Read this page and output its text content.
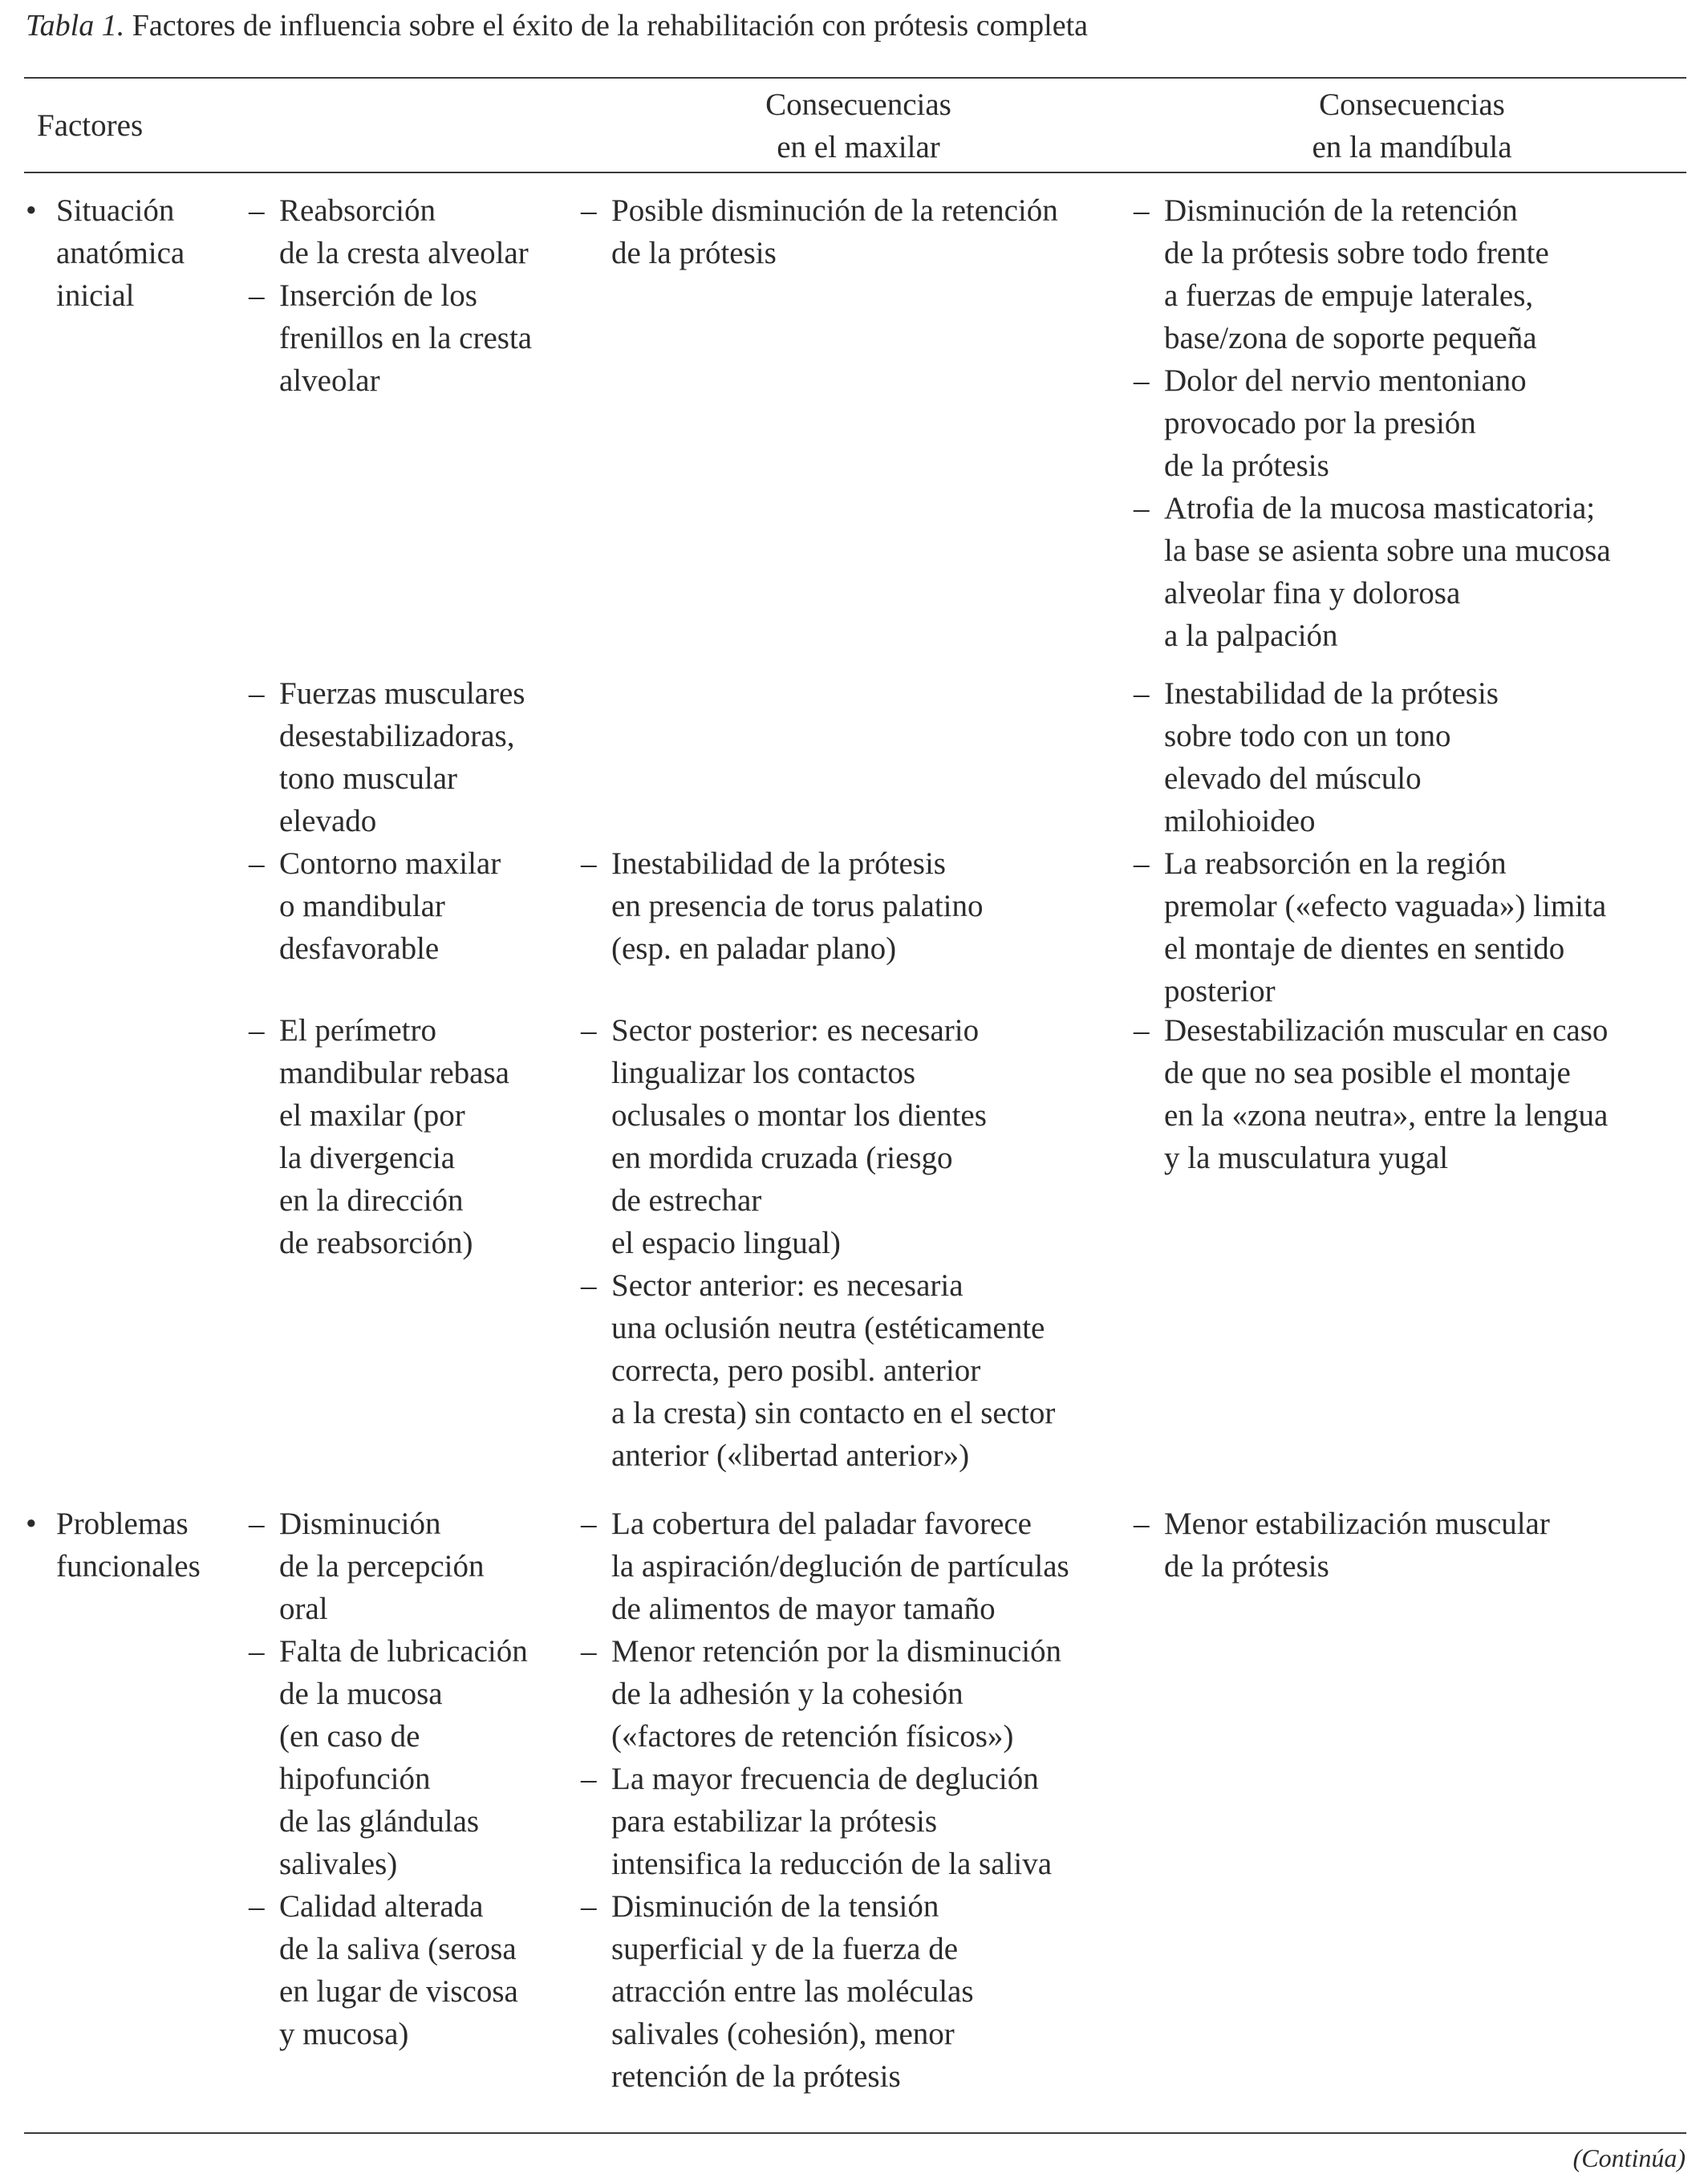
Tabla 1. Factores de influencia sobre el éxito de la rehabilitación con prótesis completa
Factores
Consecuencias
en el maxilar
Consecuencias
en la mandíbula
• Situación
anatómica
inicial
– Reabsorción
de la cresta alveolar
– Inserción de los
frenillos en la cresta
alveolar
– Posible disminución de la retención
de la prótesis
– Disminución de la retención
de la prótesis sobre todo frente
a fuerzas de empuje laterales,
base/zona de soporte pequeña
– Dolor del nervio mentoniano
provocado por la presión
de la prótesis
– Atrofia de la mucosa masticatoria;
la base se asienta sobre una mucosa
alveolar fina y dolorosa
a la palpación
– Fuerzas musculares
desestabilizadoras,
tono muscular
elevado
– Inestabilidad de la prótesis
sobre todo con un tono
elevado del músculo
milohioideo
– Contorno maxilar
o mandibular
desfavorable
– Inestabilidad de la prótesis
en presencia de torus palatino
(esp. en paladar plano)
– La reabsorción en la región
premolar («efecto vaguada») limita
el montaje de dientes en sentido
posterior
– El perímetro
mandibular rebasa
el maxilar (por
la divergencia
en la dirección
de reabsorción)
– Sector posterior: es necesario
lingualizar los contactos
oclusales o montar los dientes
en mordida cruzada (riesgo
de estrechar
el espacio lingual)
– Sector anterior: es necesaria
una oclusión neutra (estéticamente
correcta, pero posibl. anterior
a la cresta) sin contacto en el sector
anterior («libertad anterior»)
– Desestabilización muscular en caso
de que no sea posible el montaje
en la «zona neutra», entre la lengua
y la musculatura yugal
• Problemas
funcionales
– Disminución
de la percepción
oral
– Falta de lubricación
de la mucosa
(en caso de
hipofunción
de las glándulas
salivales)
– Calidad alterada
de la saliva (serosa
en lugar de viscosa
y mucosa)
– La cobertura del paladar favorece
la aspiración/deglución de partículas
de alimentos de mayor tamaño
– Menor retención por la disminución
de la adhesión y la cohesión
(«factores de retención físicos»)
– La mayor frecuencia de deglución
para estabilizar la prótesis
intensifica la reducción de la saliva
– Disminución de la tensión
superficial y de la fuerza de
atracción entre las moléculas
salivales (cohesión), menor
retención de la prótesis
– Menor estabilización muscular
de la prótesis
(Continúa)
